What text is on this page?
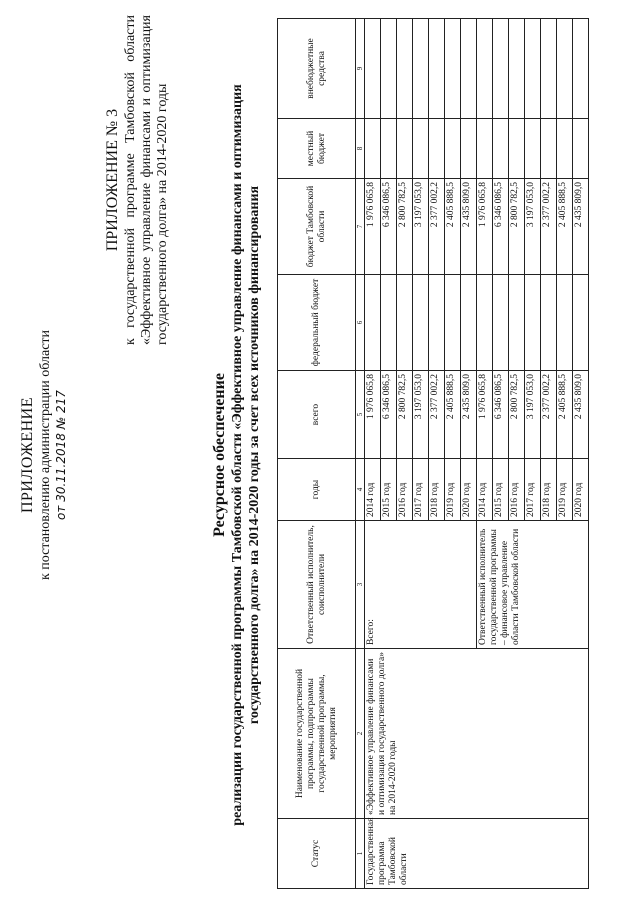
ПРИЛОЖЕНИЕ к постановлению администрации области от 30.11.2018 № 217
ПРИЛОЖЕНИЕ № 3 к государственной программе Тамбовской области «Эффективное управление финансами и оптимизация государственного долга» на 2014-2020 годы
Ресурсное обеспечение реализации государственной программы Тамбовской области «Эффективное управление финансами и оптимизация государственного долга» на 2014-2020 годы за счет всех источников финансирования
Статус	Наименование государственной программы, подпрограммы государственной программы, мероприятия	Ответственный исполнитель, соисполнители	годы	всего	федеральный бюджет	бюджет Тамбовской области	местный бюджет	внебюджетные средства
1	2	3	4	5	6	7	8	9
Государственная программа Тамбовской области	«Эффективное управление финансами и оптимизация государственного долга» на 2014-2020 годы	Всего:	2014 год	1 976 065,8		1 976 065,8		
			2015 год	6 346 086,5		6 346 086,5		
			2016 год	2 800 782,5		2 800 782,5		
			2017 год	3 197 053,0		3 197 053,0		
			2018 год	2 377 002,2		2 377 002,2		
			2019 год	2 405 888,5		2 405 888,5		
			2020 год	2 435 809,0		2 435 809,0		
		Ответственный исполнитель государственной программы – финансовое управление области Тамбовской области	2014 год	1 976 065,8		1 976 065,8		
			2015 год	6 346 086,5		6 346 086,5		
			2016 год	2 800 782,5		2 800 782,5		
			2017 год	3 197 053,0		3 197 053,0		
			2018 год	2 377 002,2		2 377 002,2		
			2019 год	2 405 888,5		2 405 888,5		
			2020 год	2 435 809,0		2 435 809,0		
